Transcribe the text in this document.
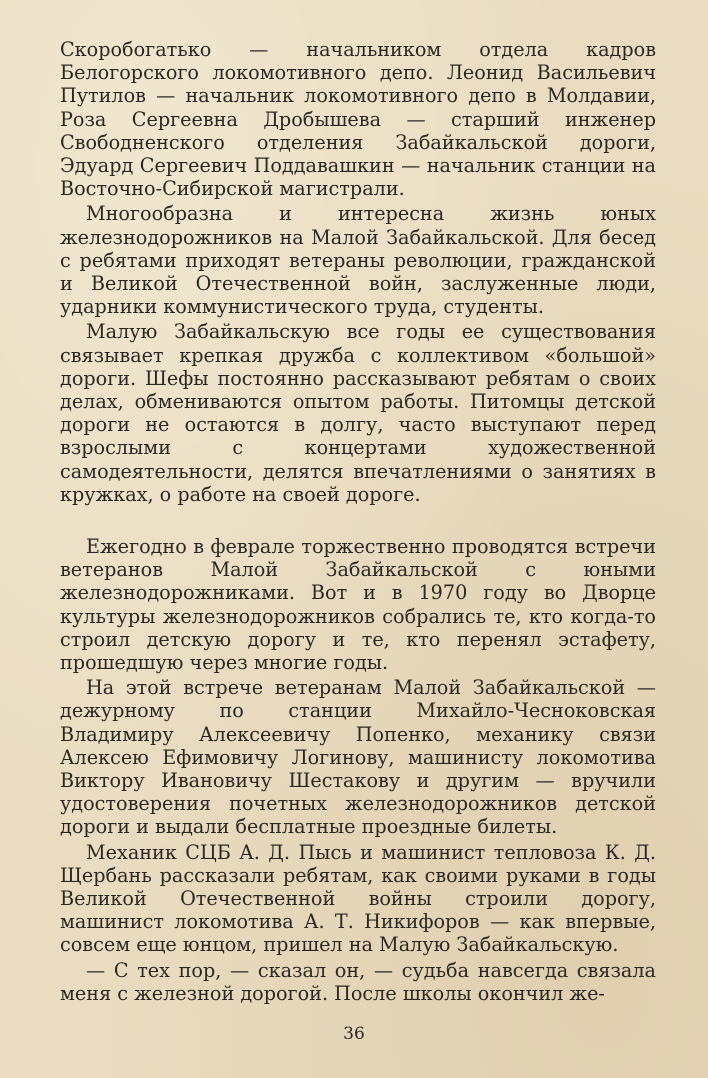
Скоробогатько — начальником отдела кадров Белогорского локомотивного депо. Леонид Васильевич Путилов — начальник локомотивного депо в Молдавии, Роза Сергеевна Дробышева — старший инженер Свободненского отделения Забайкальской дороги, Эдуард Сергеевич Поддавашкин — начальник станции на Восточно-Сибирской магистрали.

Многообразна и интересна жизнь юных железнодорожников на Малой Забайкальской. Для бесед с ребятами приходят ветераны революции, гражданской и Великой Отечественной войн, заслуженные люди, ударники коммунистического труда, студенты.

Малую Забайкальскую все годы ее существования связывает крепкая дружба с коллективом «большой» дороги. Шефы постоянно рассказывают ребятам о своих делах, обмениваются опытом работы. Питомцы детской дороги не остаются в долгу, часто выступают перед взрослыми с концертами художественной самодеятельности, делятся впечатлениями о занятиях в кружках, о работе на своей дороге.

Ежегодно в феврале торжественно проводятся встречи ветеранов Малой Забайкальской с юными железнодорожниками. Вот и в 1970 году во Дворце культуры железнодорожников собрались те, кто когда-то строил детскую дорогу и те, кто перенял эстафету, прошедшую через многие годы.

На этой встрече ветеранам Малой Забайкальской — дежурному по станции Михайло-Чесноковская Владимиру Алексеевичу Попенко, механику связи Алексею Ефимовичу Логинову, машинисту локомотива Виктору Ивановичу Шестакову и другим — вручили удостоверения почетных железнодорожников детской дороги и выдали бесплатные проездные билеты.

Механик СЦБ А. Д. Пысь и машинист тепловоза К. Д. Щербань рассказали ребятам, как своими руками в годы Великой Отечественной войны строили дорогу, машинист локомотива А. Т. Никифоров — как впервые, совсем еще юнцом, пришел на Малую Забайкальскую.

— С тех пор, — сказал он, — судьба навсегда связала меня с железной дорогой. После школы окончил же-

36
